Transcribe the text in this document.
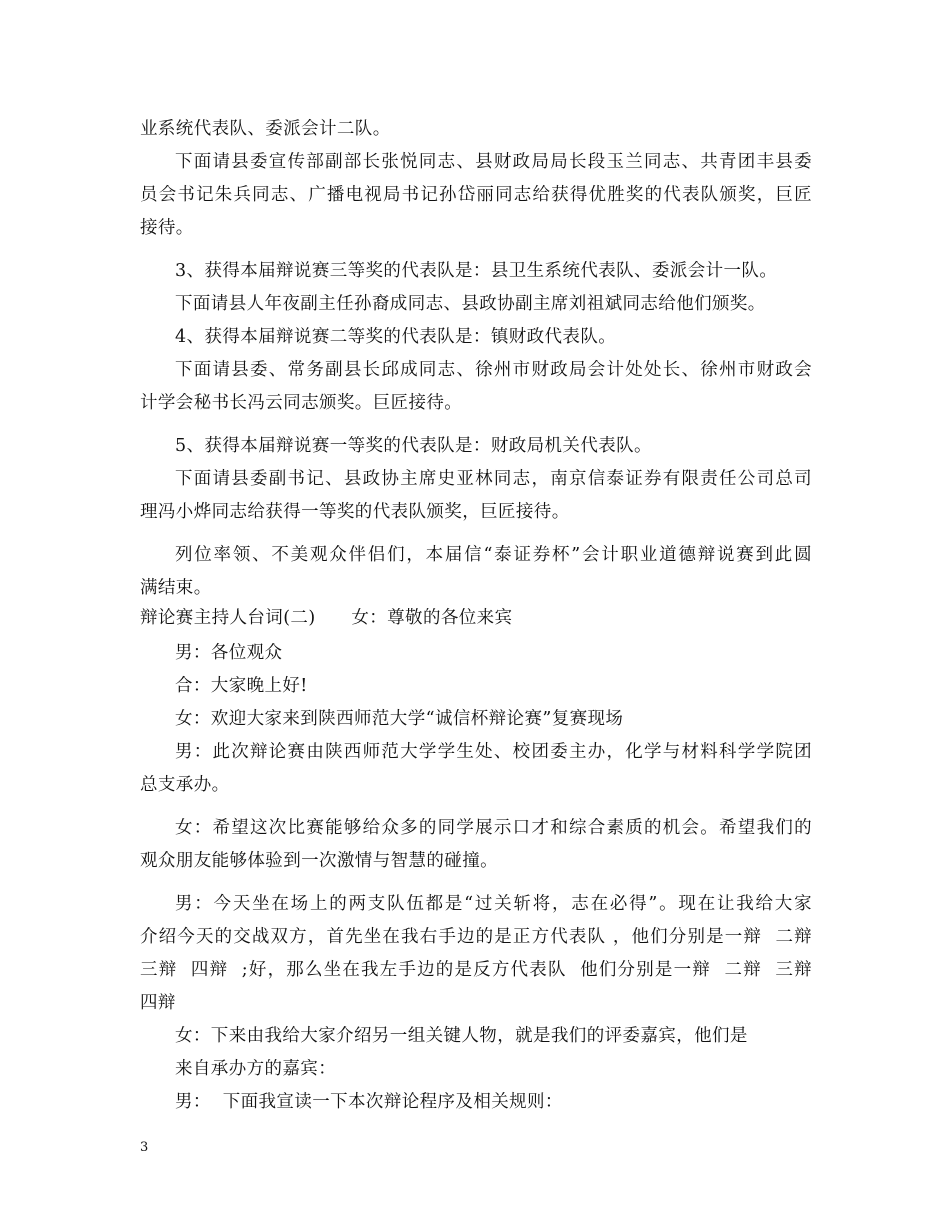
业系统代表队、委派会计二队。
下面请县委宣传部副部长张悦同志、县财政局局长段玉兰同志、共青团丰县委
员会书记朱兵同志、广播电视局书记孙岱丽同志给获得优胜奖的代表队颁奖，巨匠
接待。
3、获得本届辩说赛三等奖的代表队是：县卫生系统代表队、委派会计一队。
下面请县人年夜副主任孙裔成同志、县政协副主席刘祖斌同志给他们颁奖。
4、获得本届辩说赛二等奖的代表队是：镇财政代表队。
下面请县委、常务副县长邱成同志、徐州市财政局会计处处长、徐州市财政会
计学会秘书长冯云同志颁奖。巨匠接待。
5、获得本届辩说赛一等奖的代表队是：财政局机关代表队。
下面请县委副书记、县政协主席史亚林同志，南京信泰证券有限责任公司总司
理冯小烨同志给获得一等奖的代表队颁奖，巨匠接待。
列位率领、不美观众伴侣们，本届信“泰证券杯”会计职业道德辩说赛到此圆
满结束。
辩论赛主持人台词(二)　　女：尊敬的各位来宾
男：各位观众
合：大家晚上好!
女：欢迎大家来到陕西师范大学“诚信杯辩论赛”复赛现场
男：此次辩论赛由陕西师范大学学生处、校团委主办，化学与材料科学学院团
总支承办。
女：希望这次比赛能够给众多的同学展示口才和综合素质的机会。希望我们的
观众朋友能够体验到一次激情与智慧的碰撞。
男：今天坐在场上的两支队伍都是“过关斩将，志在必得”。现在让我给大家
介绍今天的交战双方，首先坐在我右手边的是正方代表队 ，他们分别是一辩  二辩
三辩  四辩  ;好，那么坐在我左手边的是反方代表队  他们分别是一辩  二辩  三辩
四辩
女：下来由我给大家介绍另一组关键人物，就是我们的评委嘉宾，他们是
来自承办方的嘉宾：
男：  下面我宣读一下本次辩论程序及相关规则：
3
